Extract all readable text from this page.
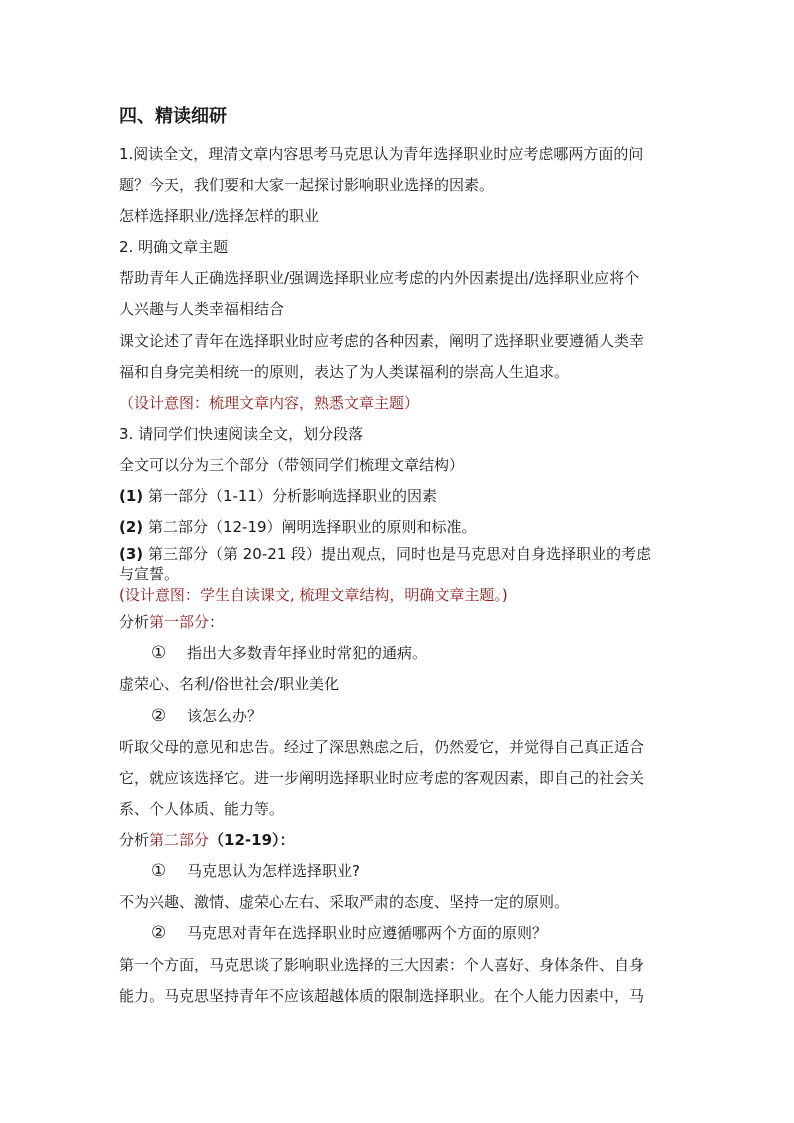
四、精读细研
1.阅读全文，理清文章内容思考马克思认为青年选择职业时应考虑哪两方面的问
题？今天，我们要和大家一起探讨影响职业选择的因素。
怎样选择职业/选择怎样的职业
2. 明确文章主题
帮助青年人正确选择职业/强调选择职业应考虑的内外因素提出/选择职业应将个
人兴趣与人类幸福相结合
课文论述了青年在选择职业时应考虑的各种因素，阐明了选择职业要遵循人类幸
福和自身完美相统一的原则，表达了为人类谋福利的崇高人生追求。
（设计意图：梳理文章内容，熟悉文章主题）
3. 请同学们快速阅读全文，划分段落
全文可以分为三个部分（带领同学们梳理文章结构）
(1) 第一部分（1-11）分析影响选择职业的因素
(2) 第二部分（12-19）阐明选择职业的原则和标准。
(3) 第三部分（第 20-21 段）提出观点，同时也是马克思对自身选择职业的考虑
与宣誓。
(设计意图：学生自读课文, 梳理文章结构，明确文章主题。)
分析第一部分：
① 指出大多数青年择业时常犯的通病。
虚荣心、名利/俗世社会/职业美化
② 该怎么办？
听取父母的意见和忠告。经过了深思熟虑之后，仍然爱它，并觉得自己真正适合
它，就应该选择它。进一步阐明选择职业时应考虑的客观因素，即自己的社会关
系、个人体质、能力等。
分析第二部分（12-19）：
① 马克思认为怎样选择职业?
不为兴趣、激情、虚荣心左右、采取严肃的态度、坚持一定的原则。
② 马克思对青年在选择职业时应遵循哪两个方面的原则？
第一个方面，马克思谈了影响职业选择的三大因素：个人喜好、身体条件、自身
能力。马克思坚持青年不应该超越体质的限制选择职业。在个人能力因素中，马
